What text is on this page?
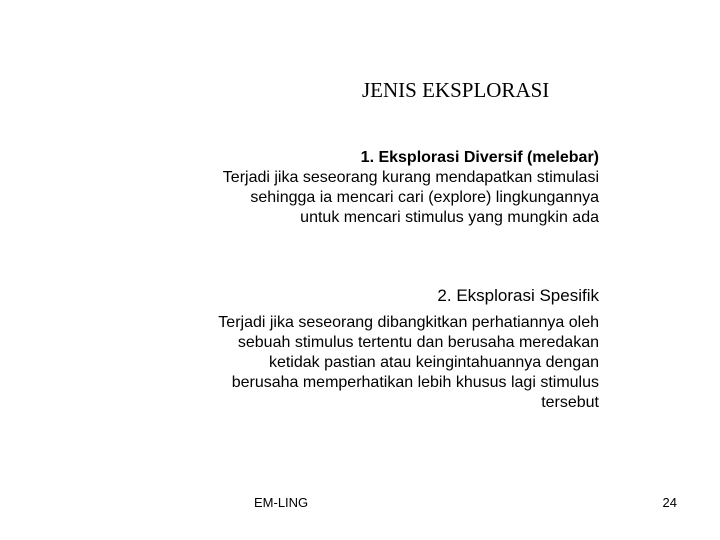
JENIS EKSPLORASI
1. Eksplorasi Diversif (melebar)
Terjadi jika seseorang kurang mendapatkan stimulasi
sehingga ia mencari cari (explore) lingkungannya
untuk mencari stimulus yang mungkin ada
2. Eksplorasi Spesifik
Terjadi jika seseorang dibangkitkan perhatiannya oleh
sebuah stimulus tertentu dan berusaha meredakan
ketidak pastian atau keingintahuannya dengan
berusaha memperhatikan lebih khusus lagi stimulus
tersebut
EM-LING	24
